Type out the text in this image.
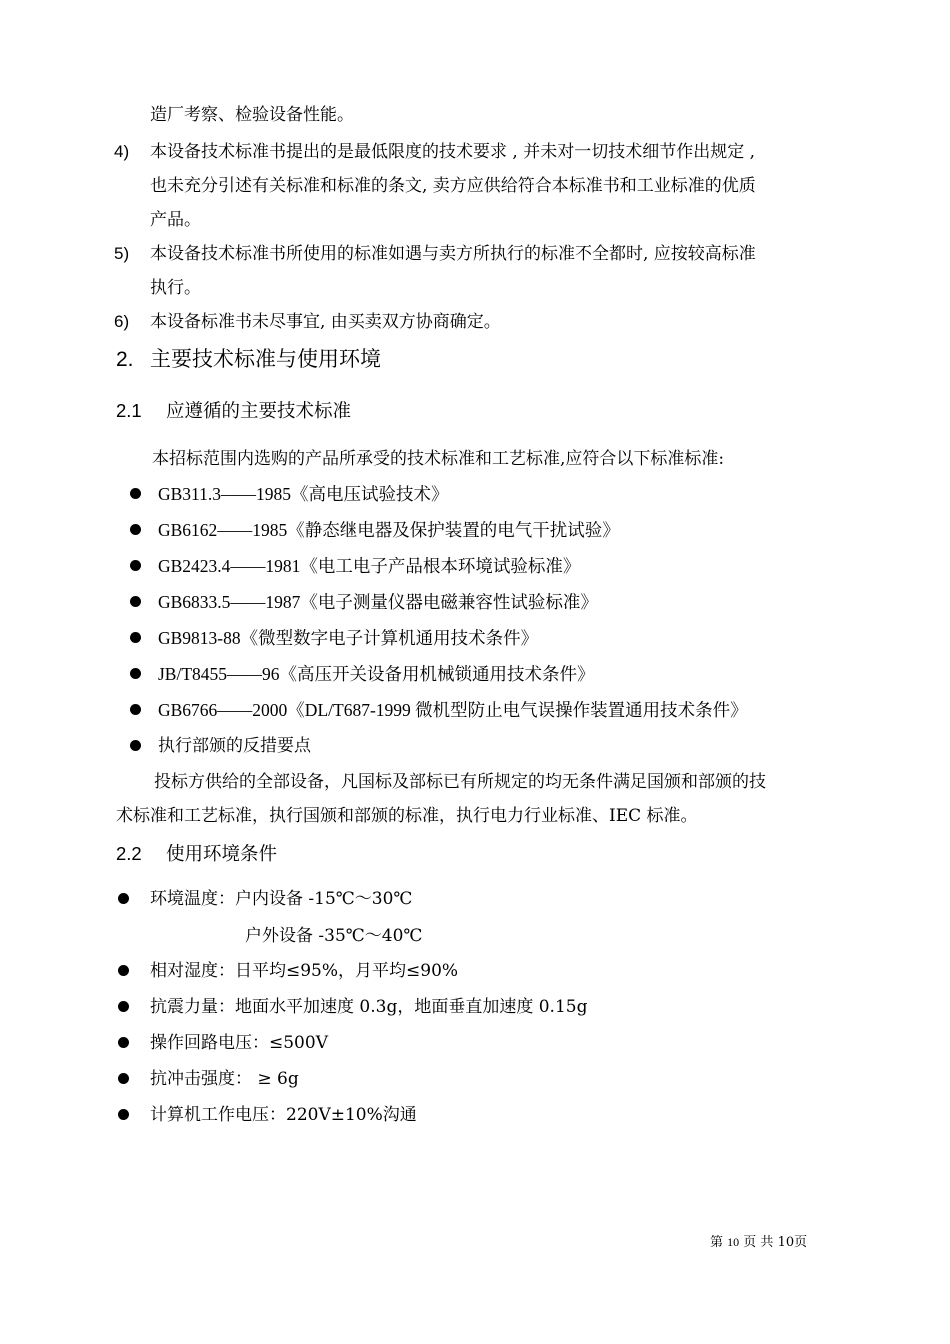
造厂考察、检验设备性能。
4) 本设备技术标准书提出的是最低限度的技术要求 , 并未对一切技术细节作出规定 ,
也未充分引述有关标准和标准的条文, 卖方应供给符合本标准书和工业标准的优质
产品。
5) 本设备技术标准书所使用的标准如遇与卖方所执行的标准不全都时, 应按较高标准
执行。
6) 本设备标准书未尽事宜, 由买卖双方协商确定。
2. 主要技术标准与使用环境
2.1 应遵循的主要技术标准
本招标范围内选购的产品所承受的技术标准和工艺标准,应符合以下标准标准:
GB311.3——1985《高电压试验技术》
GB6162——1985《静态继电器及保护装置的电气干扰试验》
GB2423.4——1981《电工电子产品根本环境试验标准》
GB6833.5——1987《电子测量仪器电磁兼容性试验标准》
GB9813-88《微型数字电子计算机通用技术条件》
JB/T8455——96《高压开关设备用机械锁通用技术条件》
GB6766——2000《DL/T687-1999 微机型防止电气误操作装置通用技术条件》
执行部颁的反措要点
投标方供给的全部设备，凡国标及部标已有所规定的均无条件满足国颁和部颁的技
术标准和工艺标准，执行国颁和部颁的标准，执行电力行业标准、IEC 标准。
2.2 使用环境条件
环境温度：户内设备 -15℃～30℃
户外设备 -35℃～40℃
相对湿度：日平均≤95%，月平均≤90%
抗震力量：地面水平加速度 0.3g，地面垂直加速度 0.15g
操作回路电压：≤500V
抗冲击强度： ≥ 6g
计算机工作电压：220V±10%沟通
第 10 页 共 10页
